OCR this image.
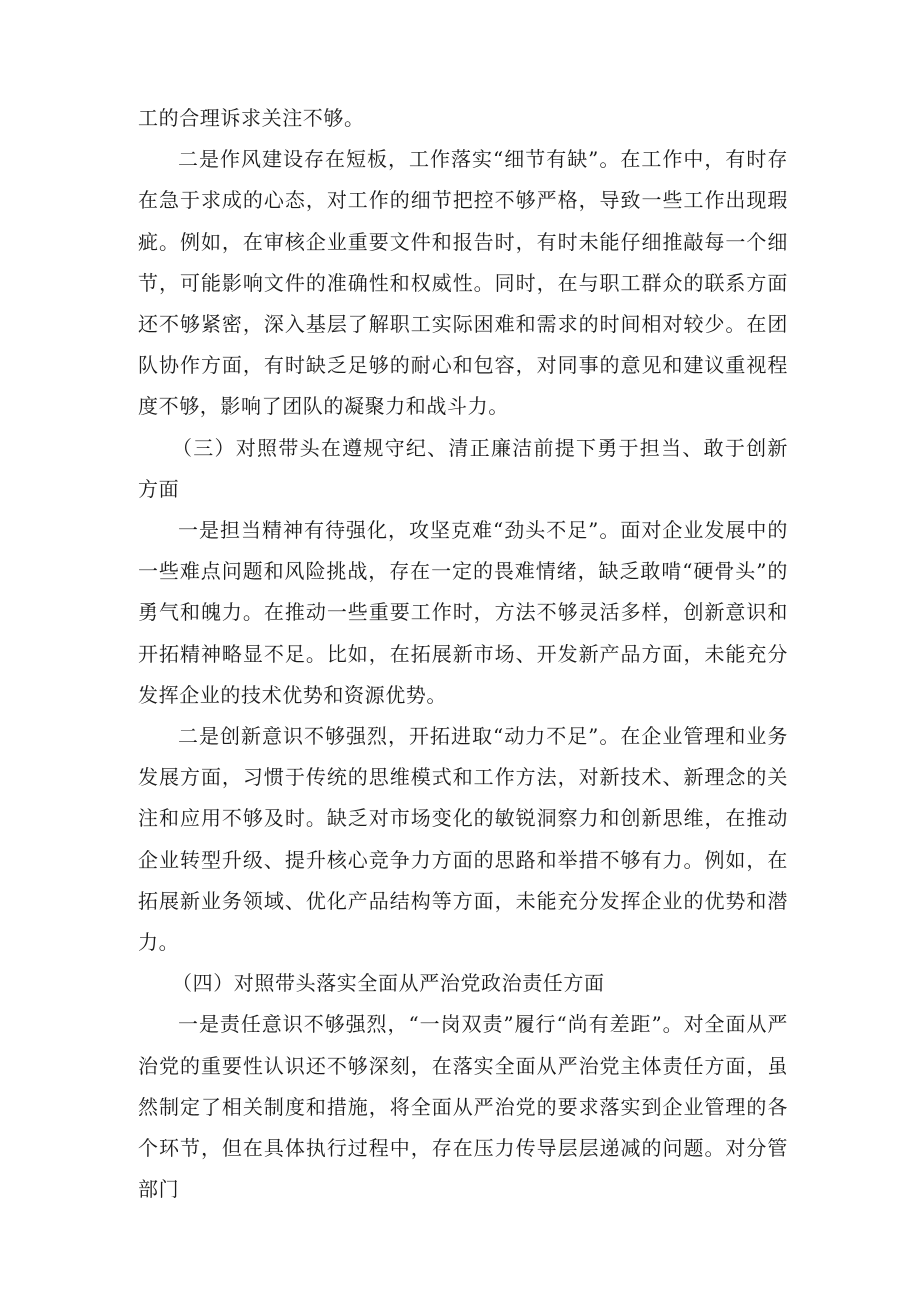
工的合理诉求关注不够。

二是作风建设存在短板，工作落实“细节有缺”。在工作中，有时存在急于求成的心态，对工作的细节把控不够严格，导致一些工作出现瑕疵。例如，在审核企业重要文件和报告时，有时未能仔细推敲每一个细节，可能影响文件的准确性和权威性。同时，在与职工群众的联系方面还不够紧密，深入基层了解职工实际困难和需求的时间相对较少。在团队协作方面，有时缺乏足够的耐心和包容，对同事的意见和建议重视程度不够，影响了团队的凝聚力和战斗力。

（三）对照带头在遵规守纪、清正廉洁前提下勇于担当、敢于创新方面

一是担当精神有待强化，攻坚克难“劲头不足”。面对企业发展中的一些难点问题和风险挑战，存在一定的畏难情绪，缺乏敢啃“硬骨头”的勇气和魄力。在推动一些重要工作时，方法不够灵活多样，创新意识和开拓精神略显不足。比如，在拓展新市场、开发新产品方面，未能充分发挥企业的技术优势和资源优势。

二是创新意识不够强烈，开拓进取“动力不足”。在企业管理和业务发展方面，习惯于传统的思维模式和工作方法，对新技术、新理念的关注和应用不够及时。缺乏对市场变化的敏锐洞察力和创新思维，在推动企业转型升级、提升核心竞争力方面的思路和举措不够有力。例如，在拓展新业务领域、优化产品结构等方面，未能充分发挥企业的优势和潜力。

（四）对照带头落实全面从严治党政治责任方面

一是责任意识不够强烈，“一岗双责”履行“尚有差距”。对全面从严治党的重要性认识还不够深刻，在落实全面从严治党主体责任方面，虽然制定了相关制度和措施，将全面从严治党的要求落实到企业管理的各个环节，但在具体执行过程中，存在压力传导层层递减的问题。对分管部门
